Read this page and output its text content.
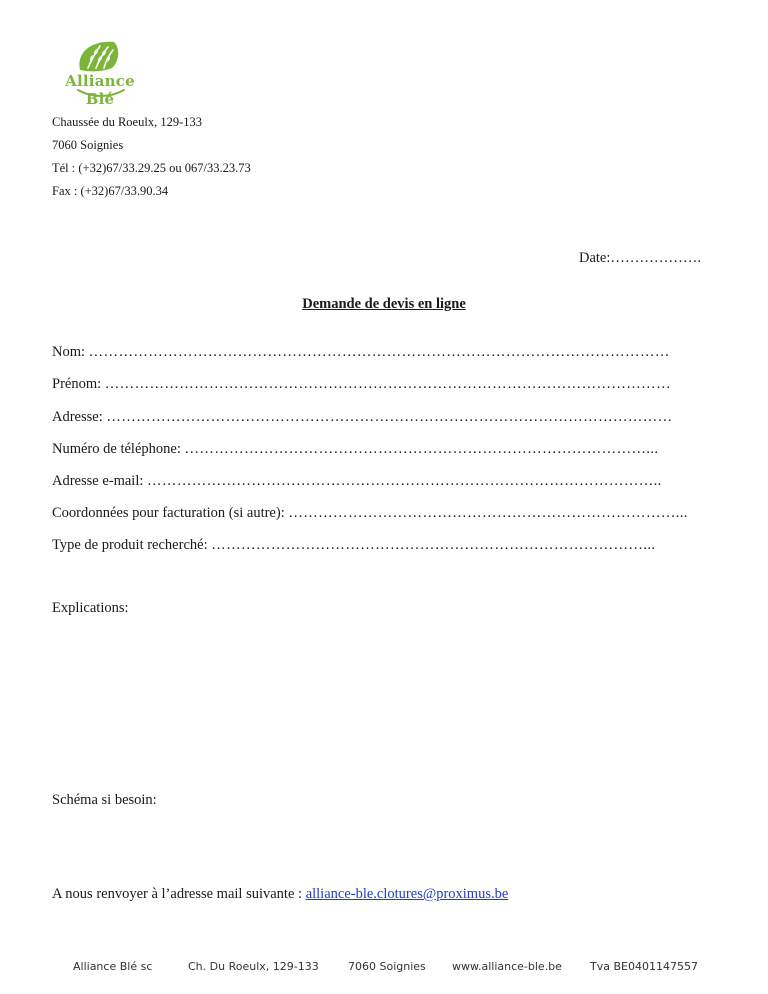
Alliance Blé
Chaussée du Roeulx, 129-133
7060 Soignies
Tél : (+32)67/33.29.25 ou 067/33.23.73
Fax : (+32)67/33.90.34
Date:……………….
Demande de devis en ligne
Nom: ………………………………………………………………………………………………………
Prénom: ……………………………………………………………………………………………………
Adresse: ……………………………………………………………………………………………………
Numéro de téléphone: …………………………………………………………………………………...
Adresse e-mail: …………………………………………………………………………………………..
Coordonnées pour facturation (si autre): ……………………………………………………………………...
Type de produit recherché: ……………………………………………………………………………...
Explications:
Schéma si besoin:
A nous renvoyer à l’adresse mail suivante : alliance-ble.clotures@proximus.be
Alliance Blé sc	Ch. Du Roeulx, 129-133	7060 Soignies www.alliance-ble.be	Tva BE0401147557
